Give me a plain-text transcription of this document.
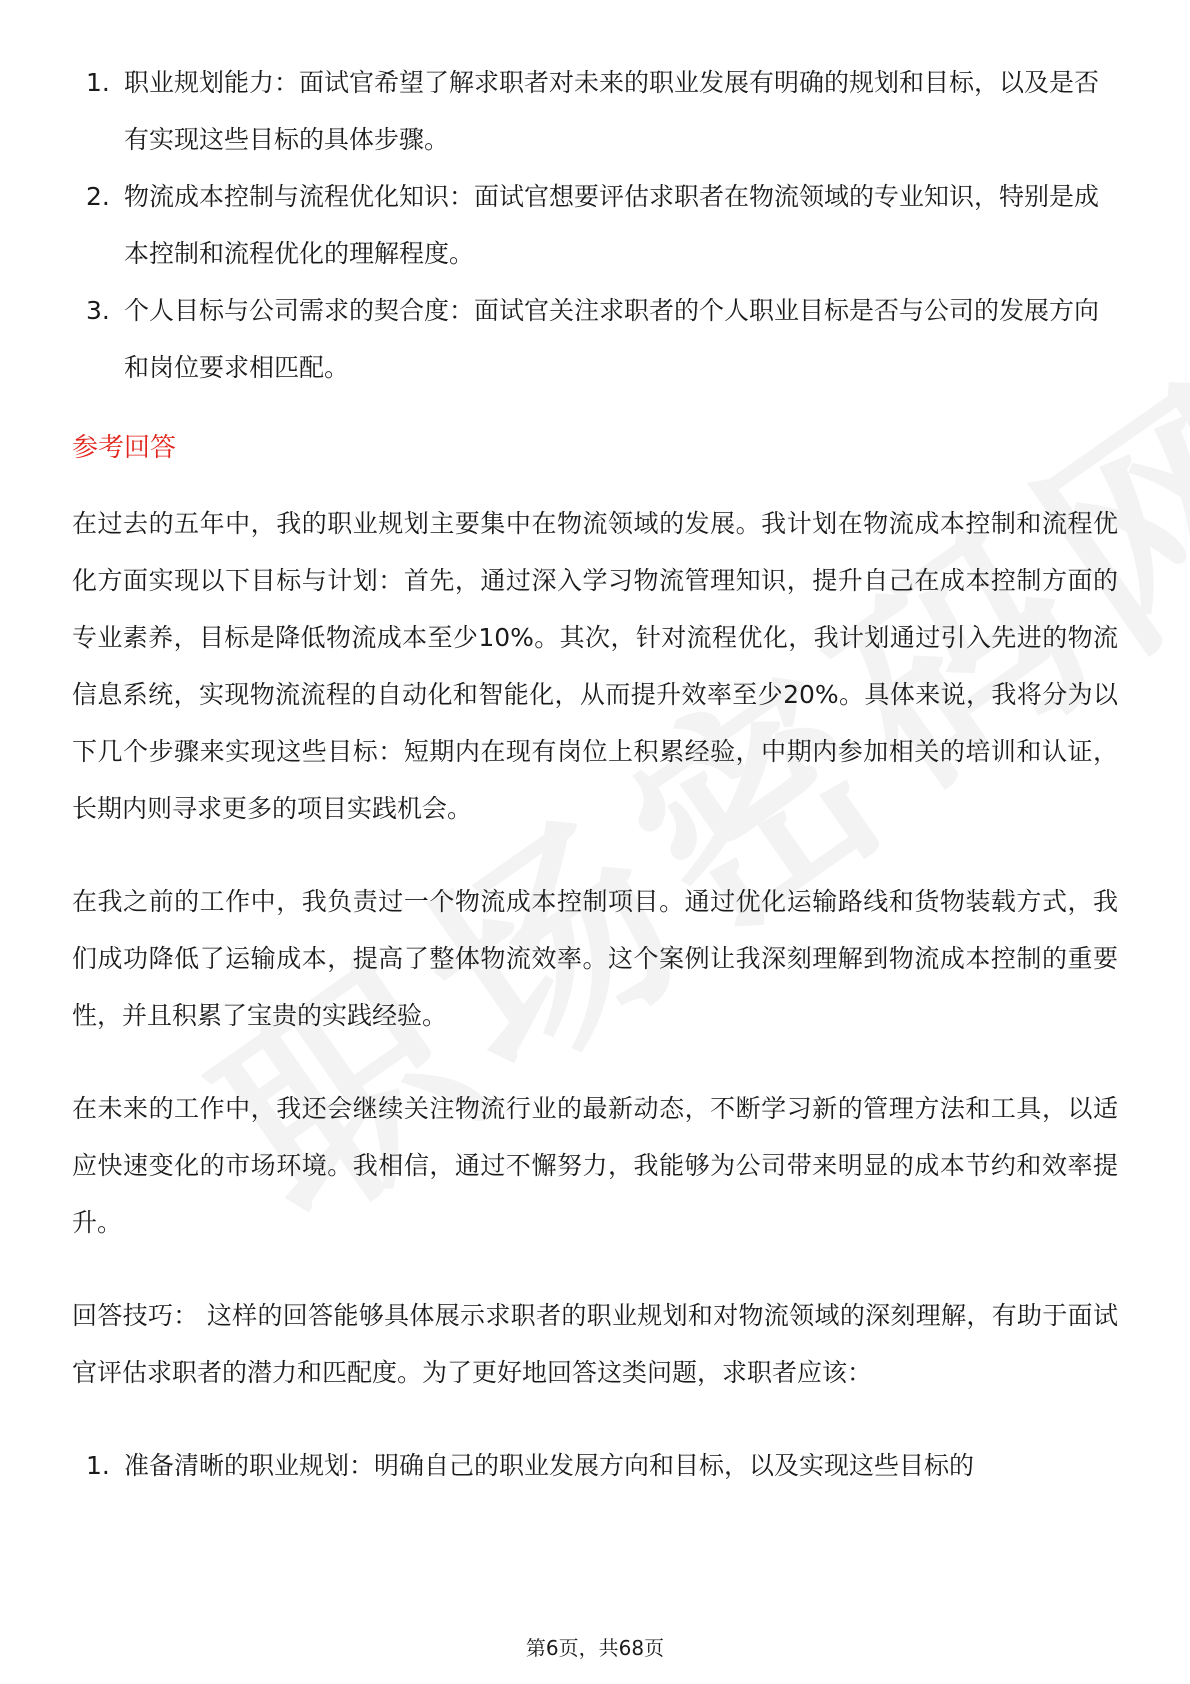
1. 职业规划能力：面试官希望了解求职者对未来的职业发展有明确的规划和目标，以及是否有实现这些目标的具体步骤。
2. 物流成本控制与流程优化知识：面试官想要评估求职者在物流领域的专业知识，特别是成本控制和流程优化的理解程度。
3. 个人目标与公司需求的契合度：面试官关注求职者的个人职业目标是否与公司的发展方向和岗位要求相匹配。
参考回答

在过去的五年中，我的职业规划主要集中在物流领域的发展。我计划在物流成本控制和流程优化方面实现以下目标与计划：首先，通过深入学习物流管理知识，提升自己在成本控制方面的专业素养，目标是降低物流成本至少10%。其次，针对流程优化，我计划通过引入先进的物流信息系统，实现物流流程的自动化和智能化，从而提升效率至少20%。具体来说，我将分为以下几个步骤来实现这些目标：短期内在现有岗位上积累经验，中期内参加相关的培训和认证，长期内则寻求更多的项目实践机会。

在我之前的工作中，我负责过一个物流成本控制项目。通过优化运输路线和货物装载方式，我们成功降低了运输成本，提高了整体物流效率。这个案例让我深刻理解到物流成本控制的重要性，并且积累了宝贵的实践经验。

在未来的工作中，我还会继续关注物流行业的最新动态，不断学习新的管理方法和工具，以适应快速变化的市场环境。我相信，通过不懈努力，我能够为公司带来明显的成本节约和效率提升。

回答技巧： 这样的回答能够具体展示求职者的职业规划和对物流领域的深刻理解，有助于面试官评估求职者的潜力和匹配度。为了更好地回答这类问题，求职者应该：

1. 准备清晰的职业规划：明确自己的职业发展方向和目标，以及实现这些目标的
第6页，共68页
